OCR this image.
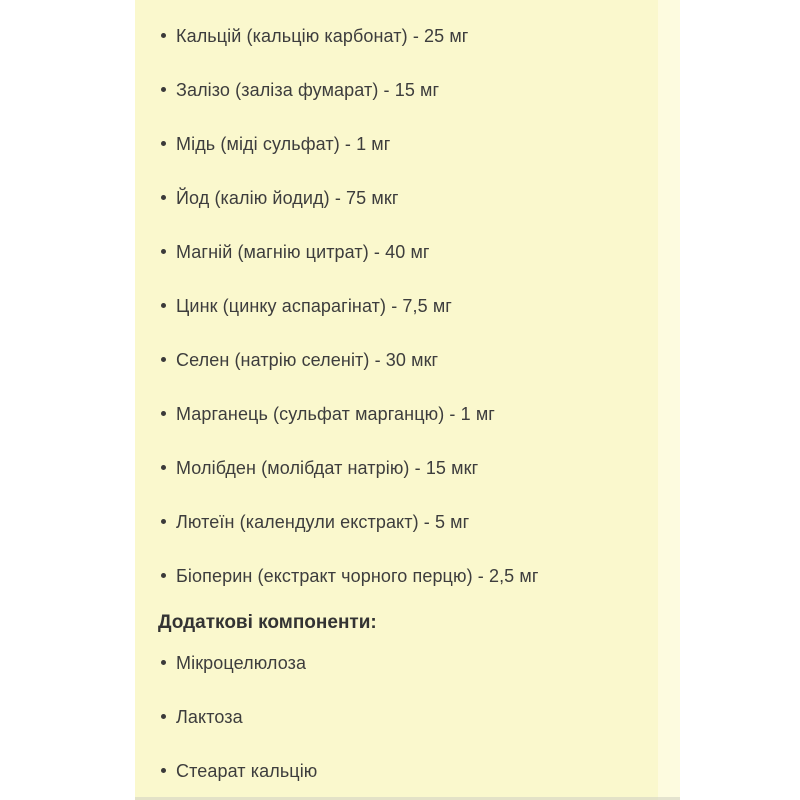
Кальцій (кальцію карбонат) - 25 мг
Залізо (заліза фумарат) - 15 мг
Мідь (міді сульфат) - 1 мг
Йод (калію йодид) - 75 мкг
Магній (магнію цитрат) - 40 мг
Цинк (цинку аспарагінат) - 7,5 мг
Селен (натрію селеніт) - 30 мкг
Марганець (сульфат марганцю) - 1 мг
Молібден (молібдат натрію) - 15 мкг
Лютеїн (календули екстракт) - 5 мг
Біоперин (екстракт чорного перцю) - 2,5 мг
Додаткові компоненти:
Мікроцелюлоза
Лактоза
Стеарат кальцію
